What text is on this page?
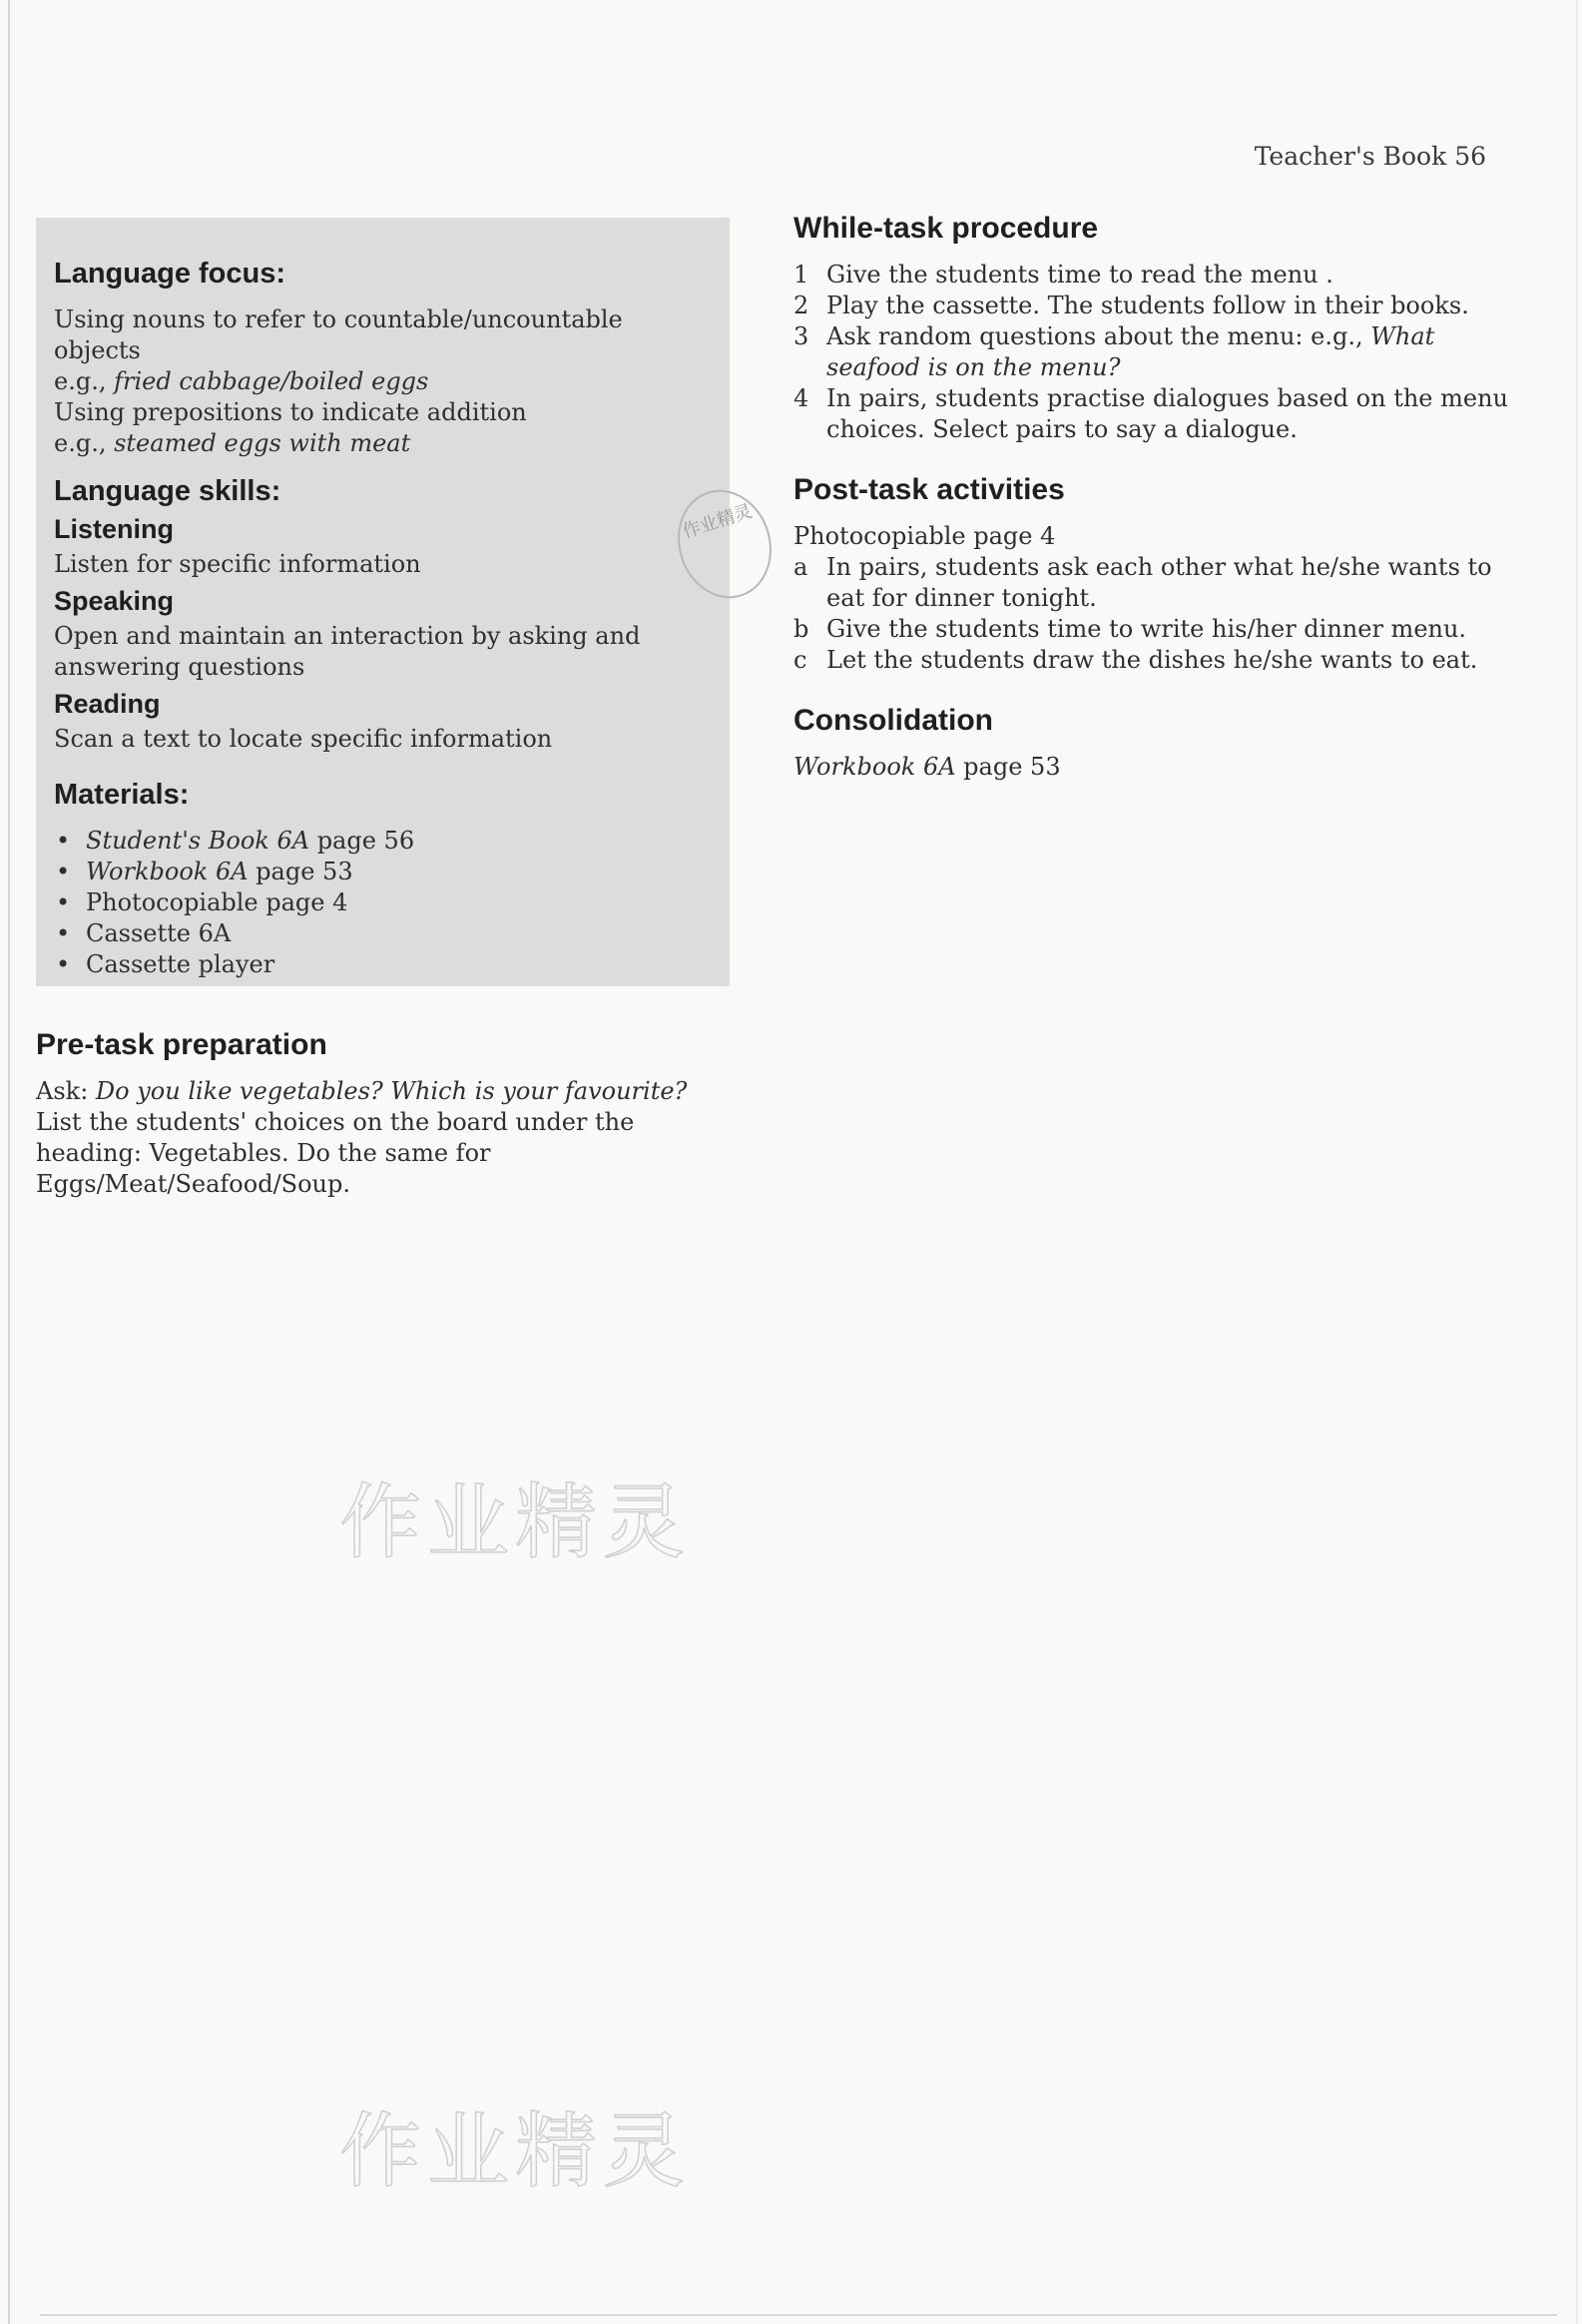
Teacher's Book 56
Language focus:

Using nouns to refer to countable/uncountable objects

e.g., fried cabbage/boiled eggs

Using prepositions to indicate addition

e.g., steamed eggs with meat

Language skills:
Listening

Listen for specific information

Speaking

Open and maintain an interaction by asking and answering questions

Reading

Scan a text to locate specific information

Materials:
• Student's Book 6A page 56
• Workbook 6A page 53
• Photocopiable page 4
• Cassette 6A
• Cassette player
Pre-task preparation

Ask: Do you like vegetables? Which is your favourite? List the students' choices on the board under the heading: Vegetables. Do the same for Eggs/Meat/Seafood/Soup.

While-task procedure
1 Give the students time to read the menu .
2 Play the cassette. The students follow in their books.
3 Ask random questions about the menu: e.g., What seafood is on the menu?
4 In pairs, students practise dialogues based on the menu choices. Select pairs to say a dialogue.
Post-task activities

Photocopiable page 4

a In pairs, students ask each other what he/she wants to eat for dinner tonight.
b Give the students time to write his/her dinner menu.
c Let the students draw the dishes he/she wants to eat.
Consolidation

Workbook 6A page 53

作业精灵
作业精灵
作业精灵
